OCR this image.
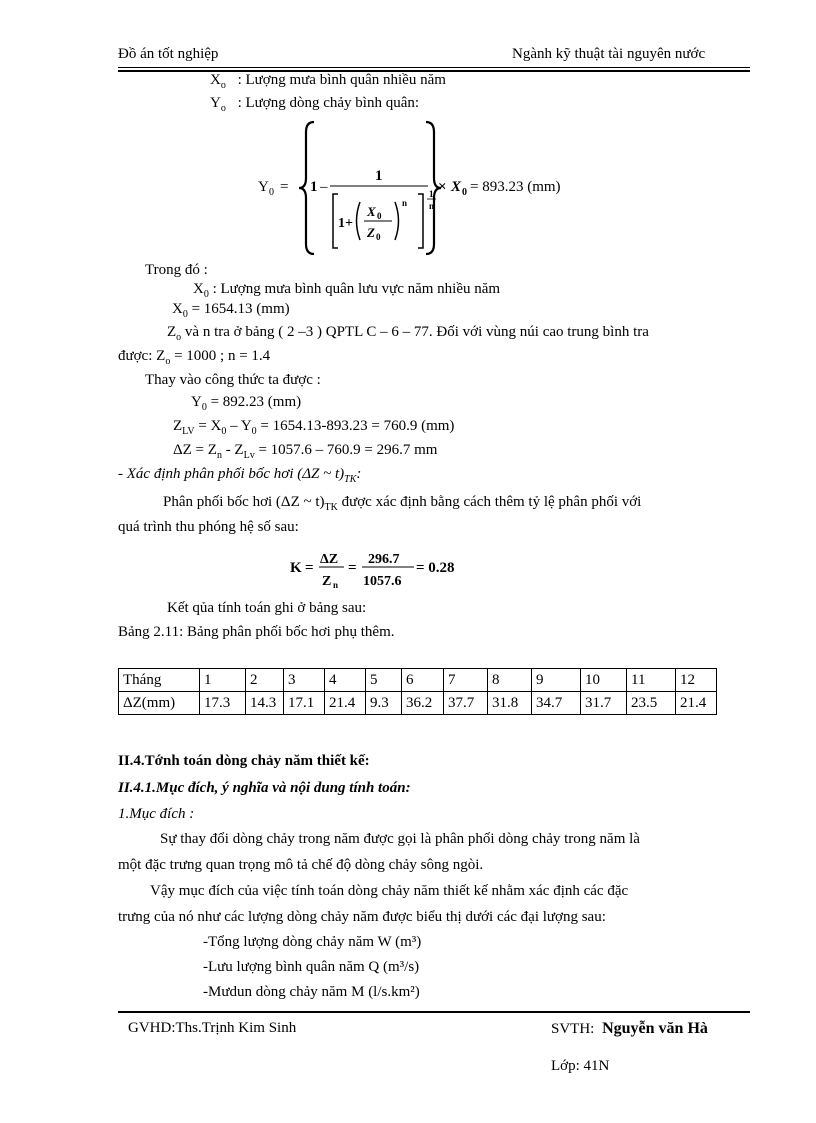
Đồ án tốt nghiệp	Ngành kỹ thuật tài nguyên nước
$X_o$ : Lượng mưa bình quân nhiều năm
$Y_o$ : Lượng dòng chảy bình quân:
Y 0 = 1 –
1
1+
X 0
Z 0
n
1
n
× X 0 = 893.23 (mm)
Trong đó :
$X_0$ : Lượng mưa bình quân lưu vực năm nhiều năm
$X_0 = 1654.13$ (mm)
$Z_o$ và n tra ở bảng ( 2 –3 ) QPTL C – 6 – 77. Đối với vùng núi cao trung bình tra
được: $Z_o = 1000$ ; n = 1.4
Thay vào công thức ta được :
$Y_0 = 892.23$ (mm)
$Z_{LV} = X_0 - Y_0 = 1654.13-893.23 = 760.9$ (mm)
$\Delta Z = Z_n - Z_{Lv} = 1057.6 - 760.9 = 296.7$ mm
- Xác định phân phối bốc hơi (ΔZ ~ $t)_{TK}$:
Phân phối bốc hơi (ΔZ ~ $t)_{TK}$ được xác định bằng cách thêm tỷ lệ phân phối với
quá trình thu phóng hệ số sau:
K =
ΔZ
Z n
=
296.7
1057.6
= 0.28
Kết qủa tính toán ghi ở bảng sau:
Bảng 2.11: Bảng phân phối bốc hơi phụ thêm.
Tháng	1	2	3	4	5	6	7	8	9	10	11	12
ΔZ(mm)	17.3	14.3	17.1	21.4	9.3	36.2	37.7	31.8	34.7	31.7	23.5	21.4
II.4.Tớnh toán dòng chảy năm thiết kế:
II.4.1.Mục đích, ý nghĩa và nội dung tính toán:
1.Mục đích :
Sự thay đổi dòng chảy trong năm được gọi là phân phối dòng chảy trong năm là
một đặc trưng quan trọng mô tả chế độ dòng chảy sông ngòi.
Vậy mục đích của việc tính toán dòng chảy năm thiết kế nhằm xác định các đặc
trưng của nó như các lượng dòng chảy năm được biểu thị dưới các đại lượng sau:
-Tổng lượng dòng chảy năm W (m³)
-Lưu lượng bình quân năm Q (m³/s)
-Mưdun dòng chảy năm M (l/s.km²)
GVHD:Ths.Trịnh Kim Sinh	SVTH: Nguyễn văn Hà
Lớp: 41N
